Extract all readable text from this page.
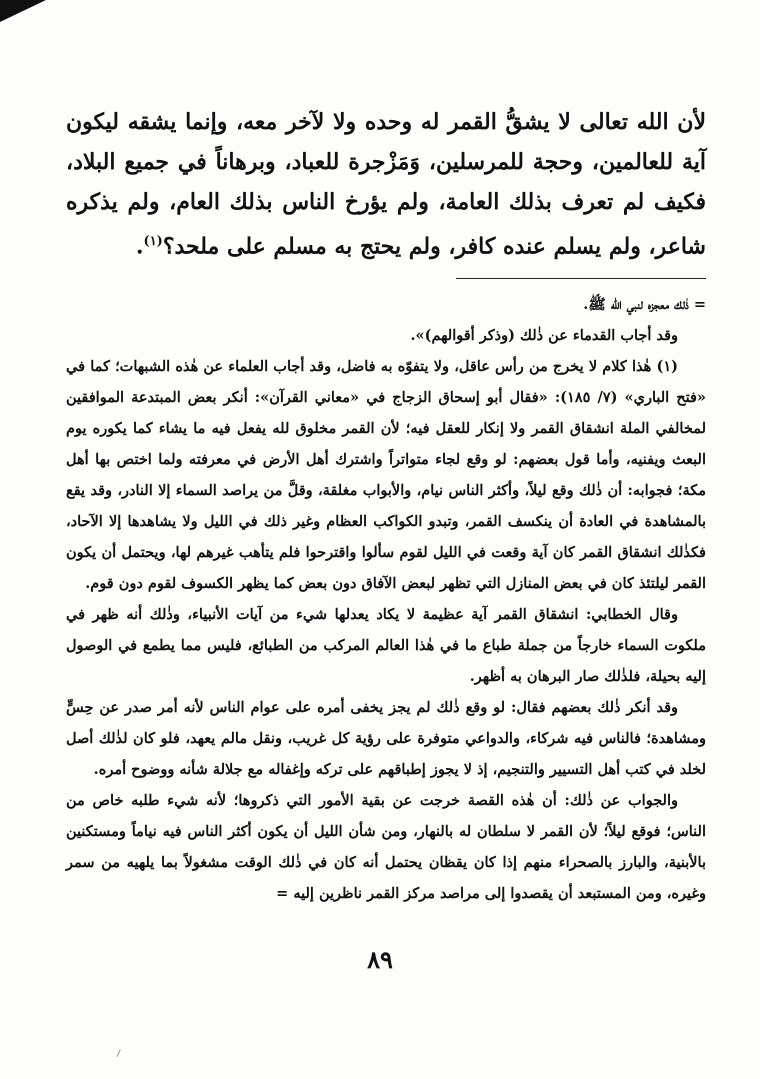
لأن الله تعالى لا يشقُّ القمر له وحده ولا لآخر معه، وإنما يشقه ليكون آية للعالمين، وحجة للمرسلين، وَمَزْجرة للعباد، وبرهاناً في جميع البلاد، فكيف لم تعرف بذلك العامة، ولم يؤرخ الناس بذلك العام، ولم يذكره شاعر، ولم يسلم عنده كافر، ولم يحتج به مسلم على ملحد؟$^{(١)}$.

= ذٰلك معجزه لنبي الله ﷺ.

وقد أجاب القدماء عن ذٰلك (وذكر أقوالهم)».

(١) هٰذا كلام لا يخرج من رأس عاقل، ولا يتفوّه به فاضل، وقد أجاب العلماء عن هٰذه الشبهات؛ كما في «فتح الباري» (٧/ ١٨٥): «فقال أبو إسحاق الزجاج في «معاني القرآن»: أنكر بعض المبتدعة الموافقين لمخالفي الملة انشقاق القمر ولا إنكار للعقل فيه؛ لأن القمر مخلوق لله يفعل فيه ما يشاء كما يكوره يوم البعث ويفنيه، وأما قول بعضهم: لو وقع لجاء متواتراً واشترك أهل الأرض في معرفته ولما اختص بها أهل مكة؛ فجوابه: أن ذٰلك وقع ليلاً، وأكثر الناس نيام، والأبواب مغلقة، وقلَّ من يراصد السماء إلا النادر، وقد يقع بالمشاهدة في العادة أن ينكسف القمر، وتبدو الكواكب العظام وغير ذلك في الليل ولا يشاهدها إلا الآحاد، فكذٰلك انشقاق القمر كان آية وقعت في الليل لقوم سألوا واقترحوا فلم يتأهب غيرهم لها، ويحتمل أن يكون القمر ليلتئذ كان في بعض المنازل التي تظهر لبعض الآفاق دون بعض كما يظهر الكسوف لقوم دون قوم.

وقال الخطابي: انشقاق القمر آية عظيمة لا يكاد يعدلها شيء من آيات الأنبياء، وذٰلك أنه ظهر في ملكوت السماء خارجاً من جملة طباع ما في هٰذا العالم المركب من الطبائع، فليس مما يطمع في الوصول إليه بحيلة، فلذٰلك صار البرهان به أظهر.

وقد أنكر ذٰلك بعضهم فقال: لو وقع ذٰلك لم يجز يخفى أمره على عوام الناس لأنه أمر صدر عن حِسٍّ ومشاهدة؛ فالناس فيه شركاء، والدواعي متوفرة على رؤية كل غريب، ونقل مالم يعهد، فلو كان لذٰلك أصل لخلد في كتب أهل التسيير والتنجيم، إذ لا يجوز إطباقهم على تركه وإغفاله مع جلالة شأنه ووضوح أمره.

والجواب عن ذٰلك: أن هٰذه القصة خرجت عن بقية الأمور التي ذكروها؛ لأنه شيء طلبه خاص من الناس؛ فوقع ليلاً؛ لأن القمر لا سلطان له بالنهار، ومن شأن الليل أن يكون أكثر الناس فيه نياماً ومستكنين بالأبنية، والبارز بالصحراء منهم إذا كان يقظان يحتمل أنه كان في ذٰلك الوقت مشغولاً بما يلهيه من سمر وغيره، ومن المستبعد أن يقصدوا إلى مراصد مركز القمر ناظرين إليه =

٨٩
